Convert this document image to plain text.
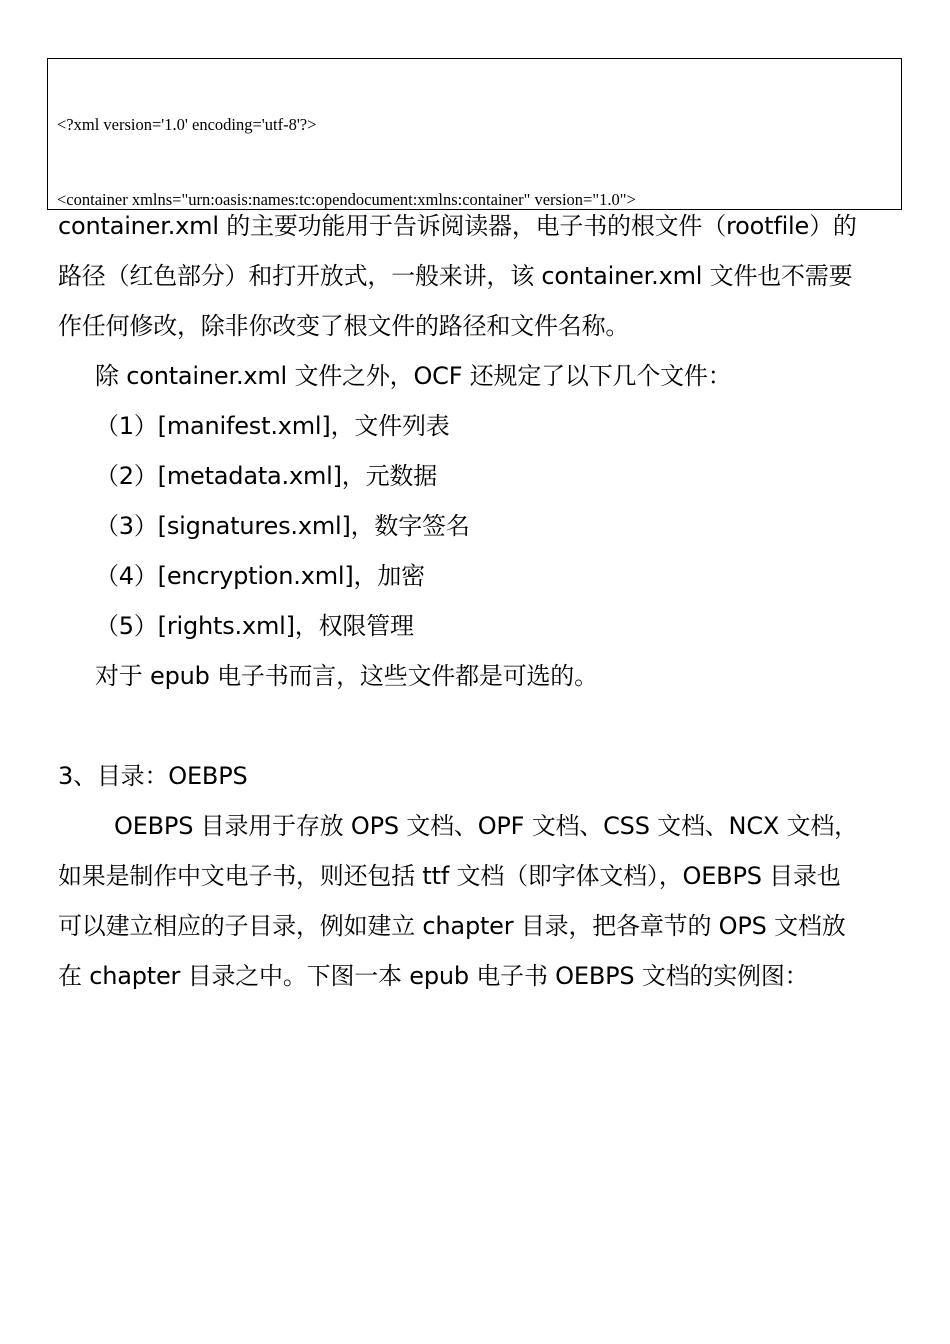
<?xml version='1.0' encoding='utf-8'?>

<container xmlns="urn:oasis:names:tc:opendocument:xmlns:container" version="1.0">

container.xml 的主要功能用于告诉阅读器，电子书的根文件（rootfile）的
路径（红色部分）和打开放式，一般来讲，该 container.xml 文件也不需要
作任何修改，除非你改变了根文件的路径和文件名称。
除 container.xml 文件之外，OCF 还规定了以下几个文件：
（1）[manifest.xml]，文件列表
（2）[metadata.xml]，元数据
（3）[signatures.xml]，数字签名
（4）[encryption.xml]，加密
（5）[rights.xml]，权限管理
对于 epub 电子书而言，这些文件都是可选的。
3、目录：OEBPS
OEBPS 目录用于存放 OPS 文档、OPF 文档、CSS 文档、NCX 文档，
如果是制作中文电子书，则还包括 ttf 文档（即字体文档），OEBPS 目录也
可以建立相应的子目录，例如建立 chapter 目录，把各章节的 OPS 文档放
在 chapter 目录之中。下图一本 epub 电子书 OEBPS 文档的实例图：
